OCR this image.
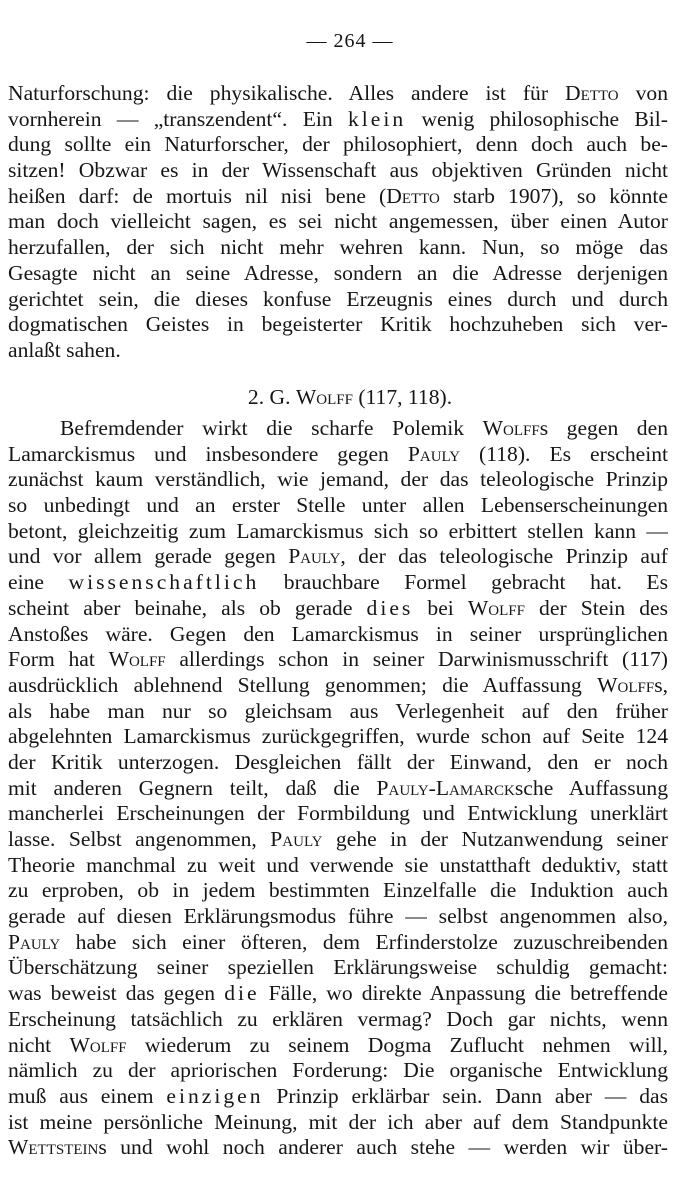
— 264 —
Naturforschung: die physikalische. Alles andere ist für Detto von
vornherein — „transzendent“. Ein klein wenig philosophische Bil-
dung sollte ein Naturforscher, der philosophiert, denn doch auch be-
sitzen! Obzwar es in der Wissenschaft aus objektiven Gründen nicht
heißen darf: de mortuis nil nisi bene (Detto starb 1907), so könnte
man doch vielleicht sagen, es sei nicht angemessen, über einen Autor
herzufallen, der sich nicht mehr wehren kann. Nun, so möge das
Gesagte nicht an seine Adresse, sondern an die Adresse derjenigen
gerichtet sein, die dieses konfuse Erzeugnis eines durch und durch
dogmatischen Geistes in begeisterter Kritik hochzuheben sich ver-
anlaßt sahen.
2. G. Wolff (117, 118).
Befremdender wirkt die scharfe Polemik Wolffs gegen den
Lamarckismus und insbesondere gegen Pauly (118). Es erscheint
zunächst kaum verständlich, wie jemand, der das teleologische Prinzip
so unbedingt und an erster Stelle unter allen Lebenserscheinungen
betont, gleichzeitig zum Lamarckismus sich so erbittert stellen kann —
und vor allem gerade gegen Pauly, der das teleologische Prinzip auf
eine wissenschaftlich brauchbare Formel gebracht hat. Es
scheint aber beinahe, als ob gerade dies bei Wolff der Stein des
Anstoßes wäre. Gegen den Lamarckismus in seiner ursprünglichen
Form hat Wolff allerdings schon in seiner Darwinismusschrift (117)
ausdrücklich ablehnend Stellung genommen; die Auffassung Wolffs,
als habe man nur so gleichsam aus Verlegenheit auf den früher
abgelehnten Lamarckismus zurückgegriffen, wurde schon auf Seite 124
der Kritik unterzogen. Desgleichen fällt der Einwand, den er noch
mit anderen Gegnern teilt, daß die Pauly-Lamarcksche Auffassung
mancherlei Erscheinungen der Formbildung und Entwicklung unerklärt
lasse. Selbst angenommen, Pauly gehe in der Nutzanwendung seiner
Theorie manchmal zu weit und verwende sie unstatthaft deduktiv, statt
zu erproben, ob in jedem bestimmten Einzelfalle die Induktion auch
gerade auf diesen Erklärungsmodus führe — selbst angenommen also,
Pauly habe sich einer öfteren, dem Erfinderstolze zuzuschreibenden
Überschätzung seiner speziellen Erklärungsweise schuldig gemacht:
was beweist das gegen die Fälle, wo direkte Anpassung die betreffende
Erscheinung tatsächlich zu erklären vermag? Doch gar nichts, wenn
nicht Wolff wiederum zu seinem Dogma Zuflucht nehmen will,
nämlich zu der apriorischen Forderung: Die organische Entwicklung
muß aus einem einzigen Prinzip erklärbar sein. Dann aber — das
ist meine persönliche Meinung, mit der ich aber auf dem Standpunkte
Wettsteins und wohl noch anderer auch stehe — werden wir über-
